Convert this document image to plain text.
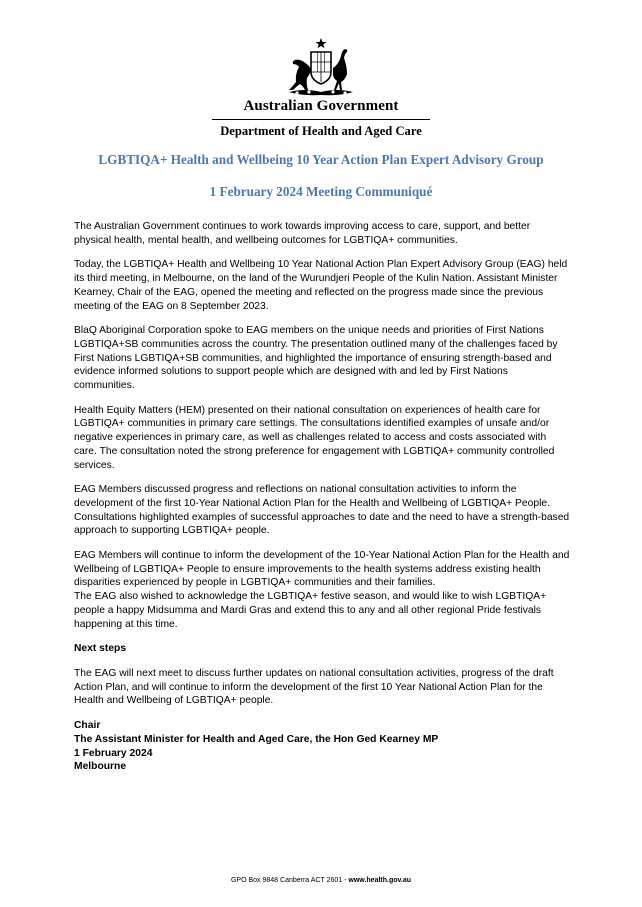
Australian Government
Department of Health and Aged Care
LGBTIQA+ Health and Wellbeing 10 Year Action Plan Expert Advisory Group
1 February 2024 Meeting Communiqué

The Australian Government continues to work towards improving access to care, support, and better physical health, mental health, and wellbeing outcomes for LGBTIQA+ communities.

Today, the LGBTIQA+ Health and Wellbeing 10 Year National Action Plan Expert Advisory Group (EAG) held its third meeting, in Melbourne, on the land of the Wurundjeri People of the Kulin Nation. Assistant Minister Kearney, Chair of the EAG, opened the meeting and reflected on the progress made since the previous meeting of the EAG on 8 September 2023.

BlaQ Aboriginal Corporation spoke to EAG members on the unique needs and priorities of First Nations LGBTIQA+SB communities across the country. The presentation outlined many of the challenges faced by First Nations LGBTIQA+SB communities, and highlighted the importance of ensuring strength-based and evidence informed solutions to support people which are designed with and led by First Nations communities.

Health Equity Matters (HEM) presented on their national consultation on experiences of health care for LGBTIQA+ communities in primary care settings. The consultations identified examples of unsafe and/or negative experiences in primary care, as well as challenges related to access and costs associated with care. The consultation noted the strong preference for engagement with LGBTIQA+ community controlled services.

EAG Members discussed progress and reflections on national consultation activities to inform the development of the first 10-Year National Action Plan for the Health and Wellbeing of LGBTIQA+ People. Consultations highlighted examples of successful approaches to date and the need to have a strength-based approach to supporting LGBTIQA+ people.

EAG Members will continue to inform the development of the 10-Year National Action Plan for the Health and Wellbeing of LGBTIQA+ People to ensure improvements to the health systems address existing health disparities experienced by people in LGBTIQA+ communities and their families.

The EAG also wished to acknowledge the LGBTIQA+ festive season, and would like to wish LGBTIQA+ people a happy Midsumma and Mardi Gras and extend this to any and all other regional Pride festivals happening at this time.

Next steps

The EAG will next meet to discuss further updates on national consultation activities, progress of the draft Action Plan, and will continue to inform the development of the first 10 Year National Action Plan for the Health and Wellbeing of LGBTIQA+ people.

Chair
The Assistant Minister for Health and Aged Care, the Hon Ged Kearney MP
1 February 2024
Melbourne
GPO Box 9848 Canberra ACT 2601 - www.health.gov.au
